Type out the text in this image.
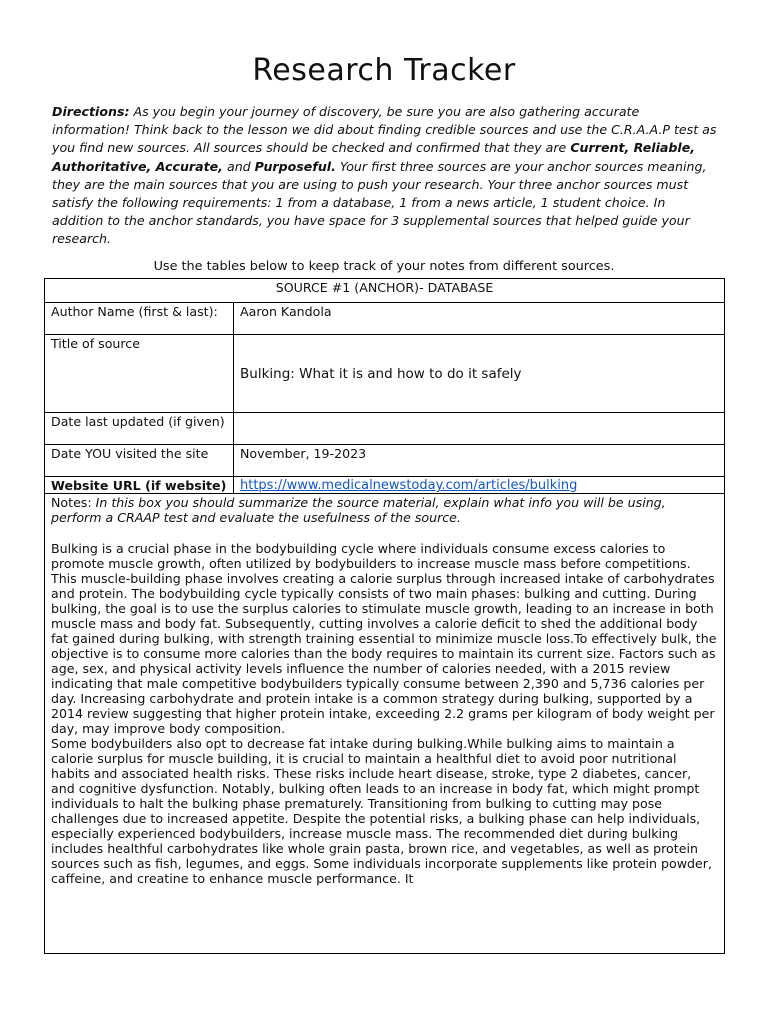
Research Tracker

Directions: As you begin your journey of discovery, be sure you are also gathering accurate information! Think back to the lesson we did about finding credible sources and use the C.R.A.A.P test as you find new sources. All sources should be checked and confirmed that they are Current, Reliable, Authoritative, Accurate, and Purposeful. Your first three sources are your anchor sources meaning, they are the main sources that you are using to push your research. Your three anchor sources must satisfy the following requirements: 1 from a database, 1 from a news article, 1 student choice. In addition to the anchor standards, you have space for 3 supplemental sources that helped guide your research.

Use the tables below to keep track of your notes from different sources.

SOURCE #1 (ANCHOR)- DATABASE	
Author Name (first & last):	Aaron Kandola
Title of source	Bulking: What it is and how to do it safely
Date last updated (if given)	
Date YOU visited the site	November, 19-2023
Website URL (if website)	https://www.medicalnewstoday.com/articles/bulking
Notes: In this box you should summarize the source material, explain what info you will be using, perform a CRAAP test and evaluate the usefulness of the source.
Bulking is a crucial phase in the bodybuilding cycle where individuals consume excess calories to promote muscle growth, often utilized by bodybuilders to increase muscle mass before competitions. This muscle-building phase involves creating a calorie surplus through increased intake of carbohydrates and protein. The bodybuilding cycle typically consists of two main phases: bulking and cutting. During bulking, the goal is to use the surplus calories to stimulate muscle growth, leading to an increase in both muscle mass and body fat. Subsequently, cutting involves a calorie deficit to shed the additional body fat gained during bulking, with strength training essential to minimize muscle loss.To effectively bulk, the objective is to consume more calories than the body requires to maintain its current size. Factors such as age, sex, and physical activity levels influence the number of calories needed, with a 2015 review indicating that male competitive bodybuilders typically consume between 2,390 and 5,736 calories per day. Increasing carbohydrate and protein intake is a common strategy during bulking, supported by a 2014 review suggesting that higher protein intake, exceeding 2.2 grams per kilogram of body weight per day, may improve body composition.
Some bodybuilders also opt to decrease fat intake during bulking.While bulking aims to maintain a calorie surplus for muscle building, it is crucial to maintain a healthful diet to avoid poor nutritional habits and associated health risks. These risks include heart disease, stroke, type 2 diabetes, cancer, and cognitive dysfunction. Notably, bulking often leads to an increase in body fat, which might prompt individuals to halt the bulking phase prematurely. Transitioning from bulking to cutting may pose challenges due to increased appetite. Despite the potential risks, a bulking phase can help individuals, especially experienced bodybuilders, increase muscle mass. The recommended diet during bulking includes healthful carbohydrates like whole grain pasta, brown rice, and vegetables, as well as protein sources such as fish, legumes, and eggs. Some individuals incorporate supplements like protein powder, caffeine, and creatine to enhance muscle performance. It	
